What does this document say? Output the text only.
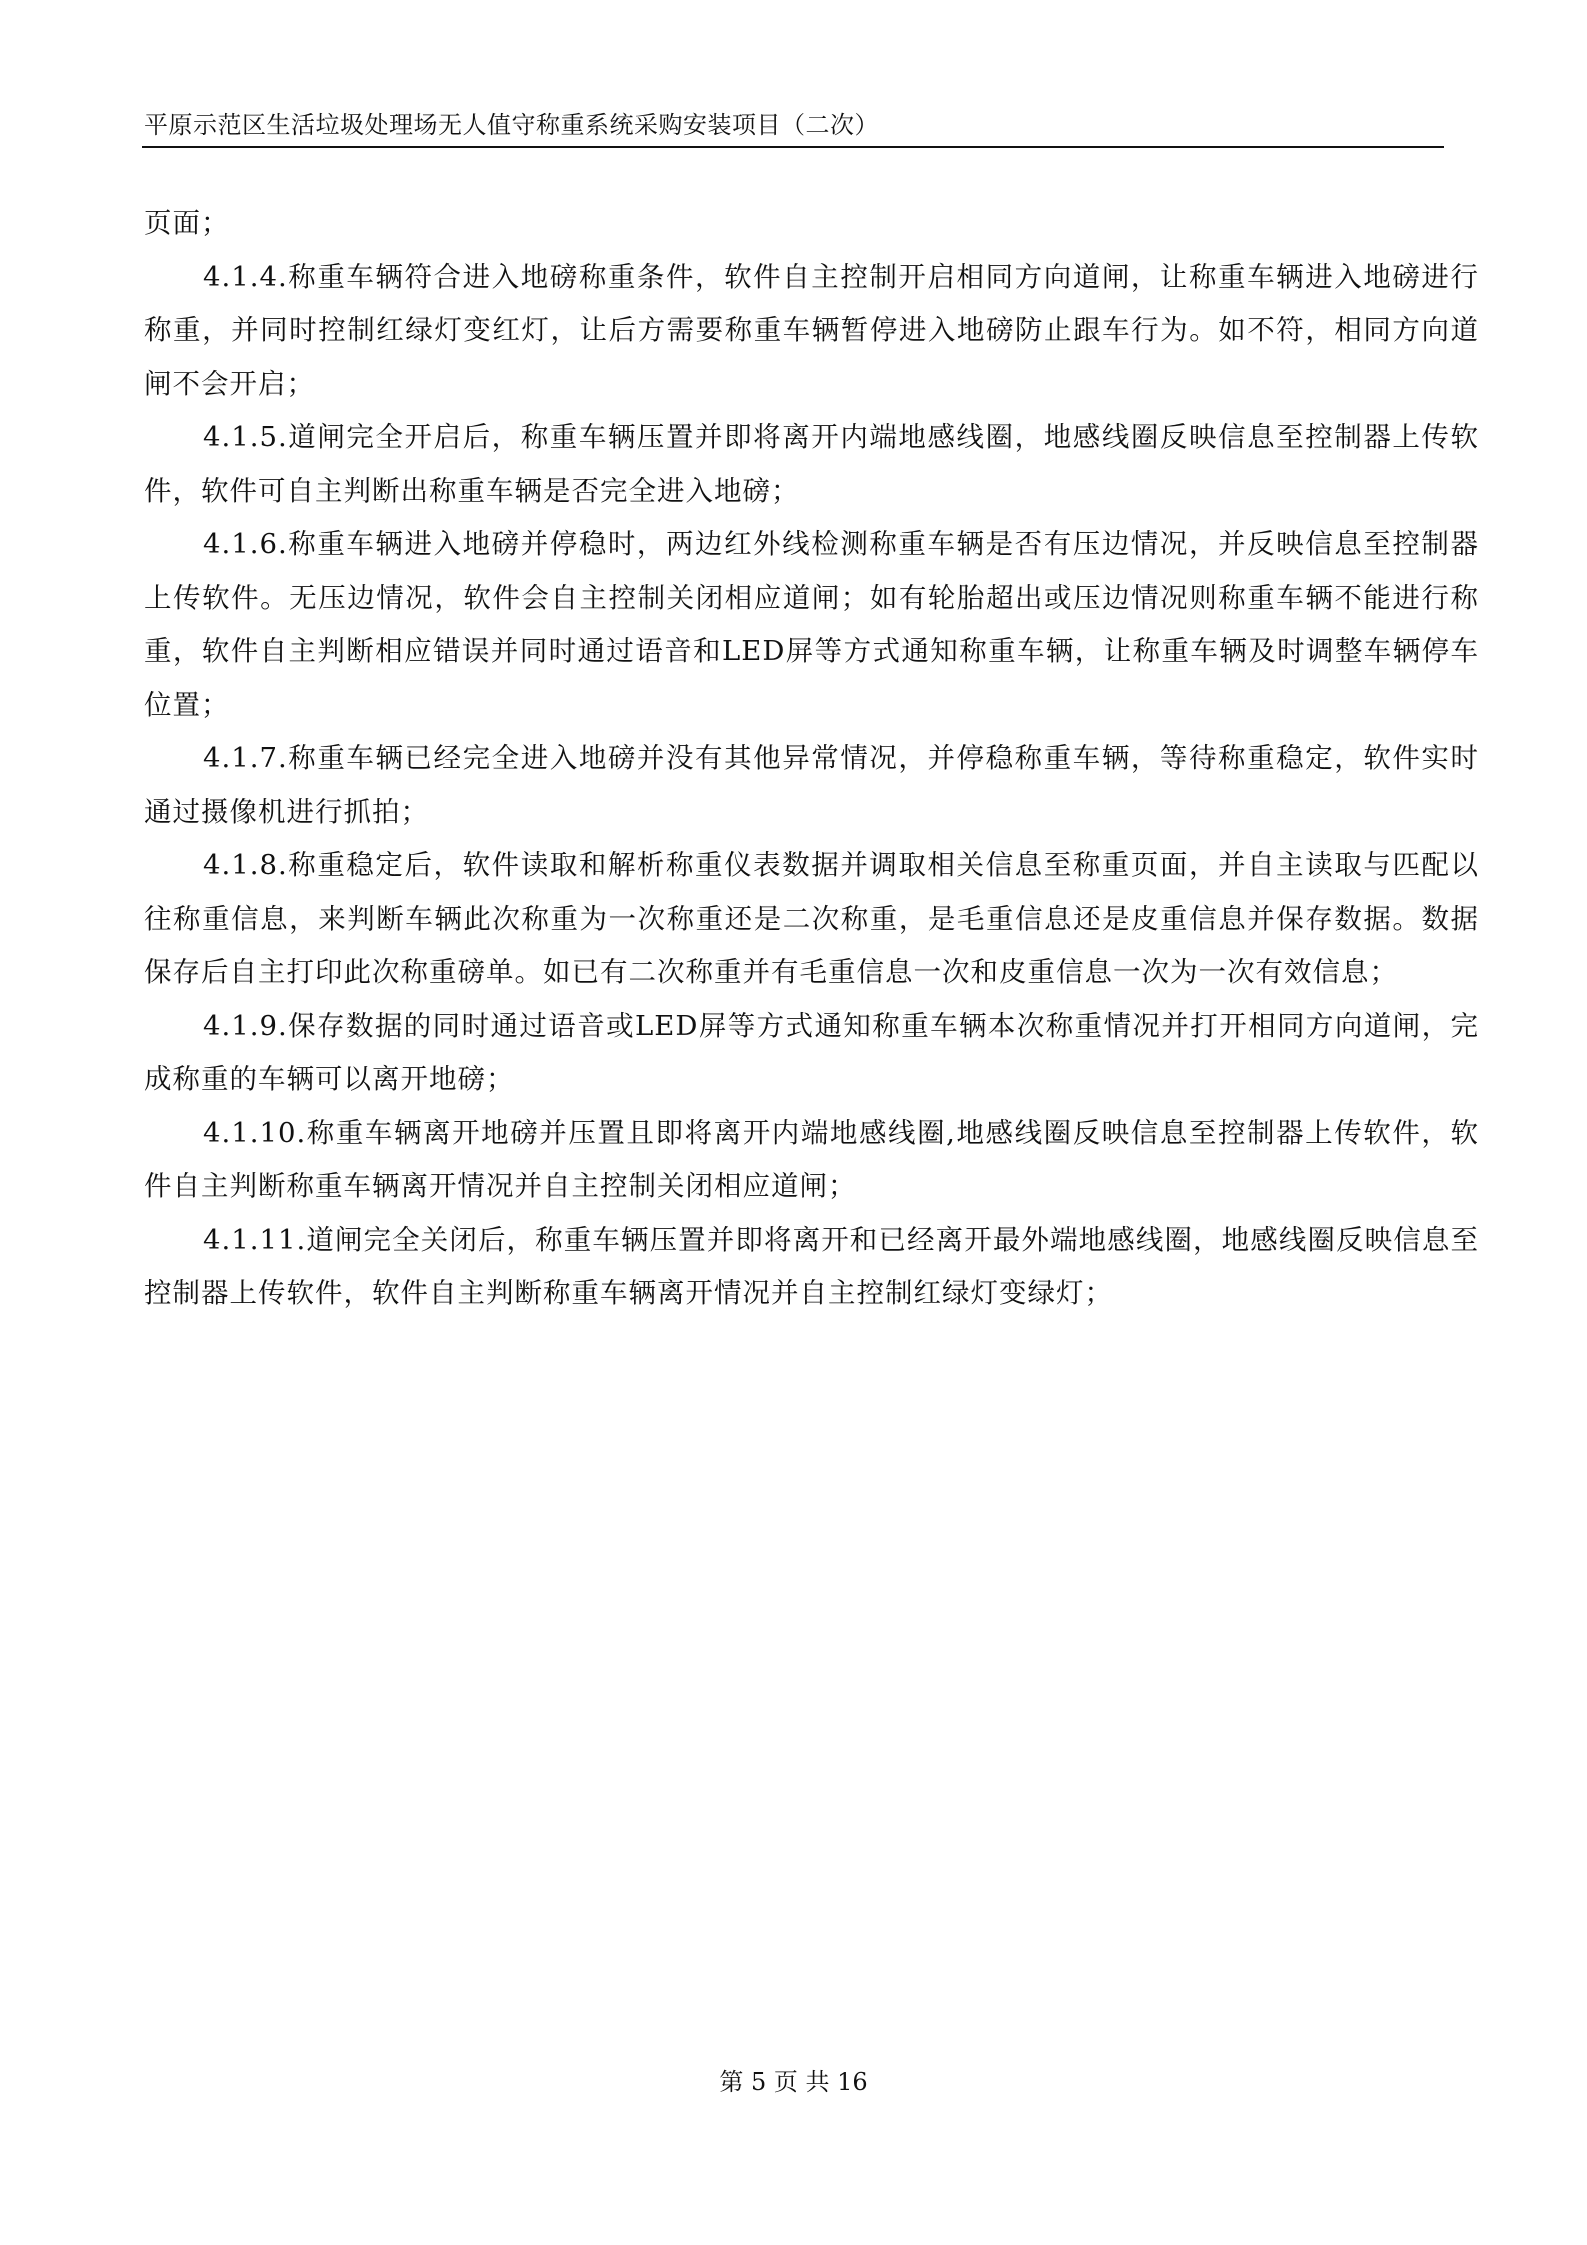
平原示范区生活垃圾处理场无人值守称重系统采购安装项目（二次）

页面；

4.1.4.称重车辆符合进入地磅称重条件，软件自主控制开启相同方向道闸，让称重车辆进入地磅进行称重，并同时控制红绿灯变红灯，让后方需要称重车辆暂停进入地磅防止跟车行为。如不符，相同方向道闸不会开启；

4.1.5.道闸完全开启后，称重车辆压置并即将离开内端地感线圈，地感线圈反映信息至控制器上传软件，软件可自主判断出称重车辆是否完全进入地磅；

4.1.6.称重车辆进入地磅并停稳时，两边红外线检测称重车辆是否有压边情况，并反映信息至控制器上传软件。无压边情况，软件会自主控制关闭相应道闸；如有轮胎超出或压边情况则称重车辆不能进行称重，软件自主判断相应错误并同时通过语音和LED屏等方式通知称重车辆，让称重车辆及时调整车辆停车位置；

4.1.7.称重车辆已经完全进入地磅并没有其他异常情况，并停稳称重车辆，等待称重稳定，软件实时通过摄像机进行抓拍；

4.1.8.称重稳定后，软件读取和解析称重仪表数据并调取相关信息至称重页面，并自主读取与匹配以往称重信息，来判断车辆此次称重为一次称重还是二次称重，是毛重信息还是皮重信息并保存数据。数据保存后自主打印此次称重磅单。如已有二次称重并有毛重信息一次和皮重信息一次为一次有效信息；

4.1.9.保存数据的同时通过语音或LED屏等方式通知称重车辆本次称重情况并打开相同方向道闸，完成称重的车辆可以离开地磅；

4.1.10.称重车辆离开地磅并压置且即将离开内端地感线圈,地感线圈反映信息至控制器上传软件，软件自主判断称重车辆离开情况并自主控制关闭相应道闸；

4.1.11.道闸完全关闭后，称重车辆压置并即将离开和已经离开最外端地感线圈，地感线圈反映信息至控制器上传软件，软件自主判断称重车辆离开情况并自主控制红绿灯变绿灯；

第 5 页 共 16
